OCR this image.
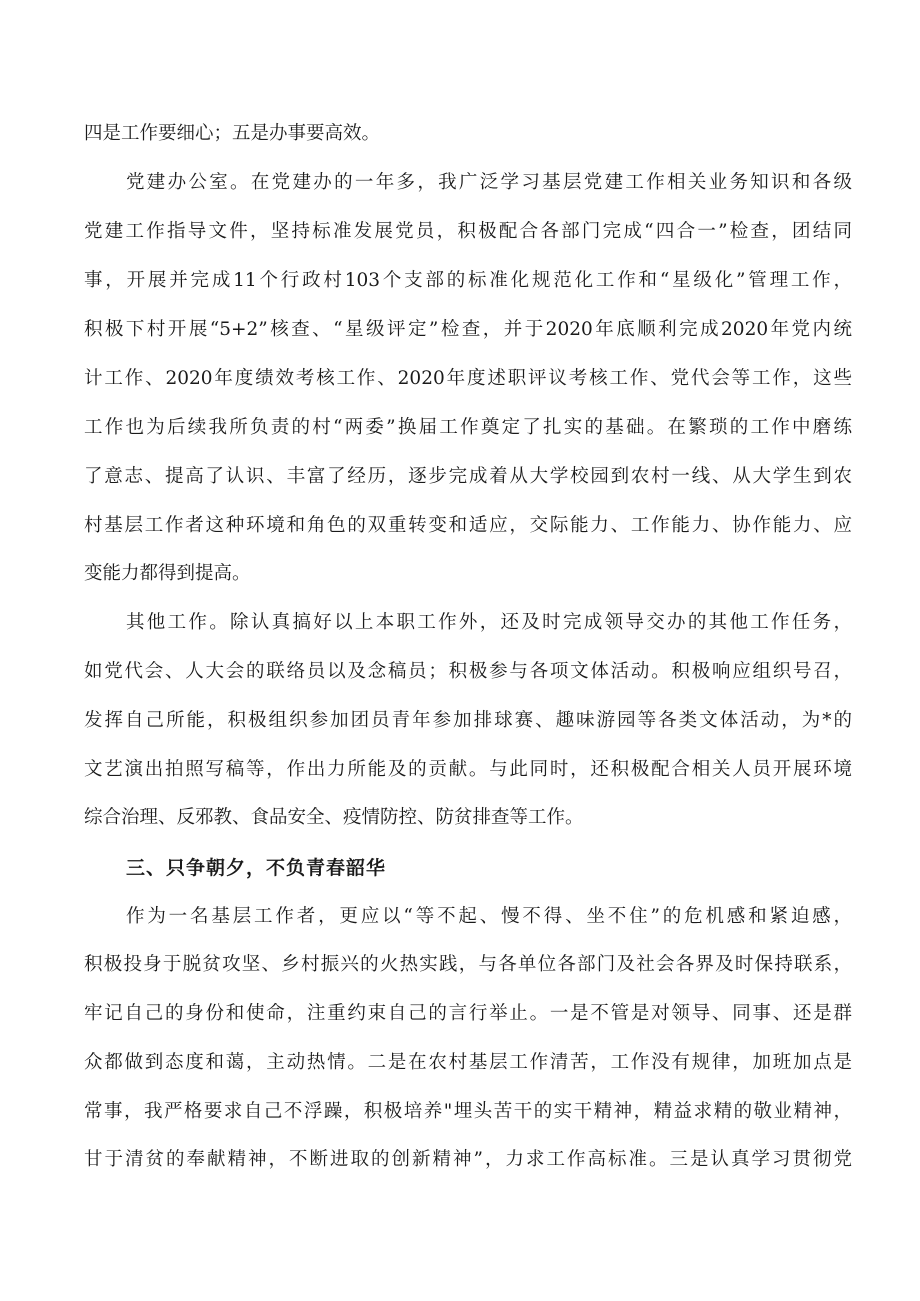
四是工作要细心；五是办事要高效。
党建办公室。在党建办的一年多，我广泛学习基层党建工作相关业务知识和各级
党建工作指导文件，坚持标准发展党员，积极配合各部门完成“四合一”检查，团结同
事，开展并完成11个行政村103个支部的标准化规范化工作和“星级化”管理工作，
积极下村开展“5+2”核查、“星级评定”检查，并于2020年底顺利完成2020年党内统
计工作、2020年度绩效考核工作、2020年度述职评议考核工作、党代会等工作，这些
工作也为后续我所负责的村“两委”换届工作奠定了扎实的基础。在繁琐的工作中磨练
了意志、提高了认识、丰富了经历，逐步完成着从大学校园到农村一线、从大学生到农
村基层工作者这种环境和角色的双重转变和适应，交际能力、工作能力、协作能力、应
变能力都得到提高。
其他工作。除认真搞好以上本职工作外，还及时完成领导交办的其他工作任务，
如党代会、人大会的联络员以及念稿员；积极参与各项文体活动。积极响应组织号召，
发挥自己所能，积极组织参加团员青年参加排球赛、趣味游园等各类文体活动，为*的
文艺演出拍照写稿等，作出力所能及的贡献。与此同时，还积极配合相关人员开展环境
综合治理、反邪教、食品安全、疫情防控、防贫排查等工作。
三、只争朝夕，不负青春韶华
作为一名基层工作者，更应以“等不起、慢不得、坐不住”的危机感和紧迫感，
积极投身于脱贫攻坚、乡村振兴的火热实践，与各单位各部门及社会各界及时保持联系，
牢记自己的身份和使命，注重约束自己的言行举止。一是不管是对领导、同事、还是群
众都做到态度和蔼，主动热情。二是在农村基层工作清苦，工作没有规律，加班加点是
常事，我严格要求自己不浮躁，积极培养"埋头苦干的实干精神，精益求精的敬业精神，
甘于清贫的奉献精神，不断进取的创新精神”，力求工作高标准。三是认真学习贯彻党
